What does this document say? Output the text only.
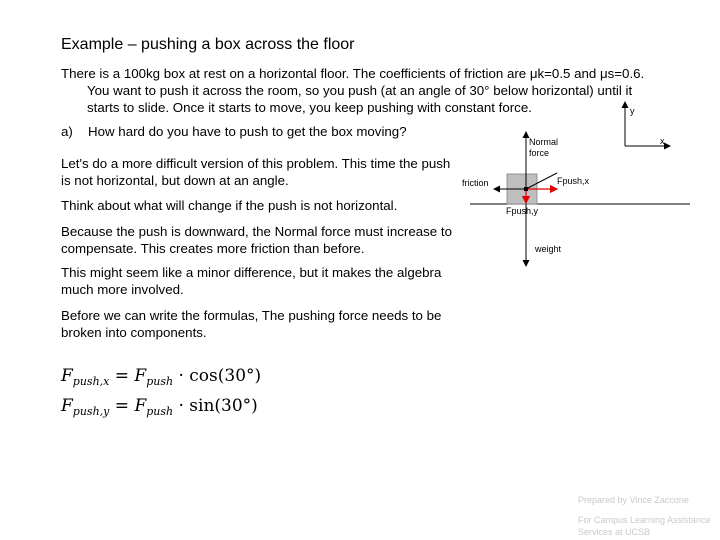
Example – pushing a box across the floor
There is a 100kg box at rest on a horizontal floor. The coefficients of friction are μk=0.5 and μs=0.6.
You want to push it across the room, so you push (at an angle of 30° below horizontal) until it
starts to slide. Once it starts to move, you keep pushing with constant force.
a) How hard do you have to push to get the box moving?
Let's do a more difficult version of this problem. This time the push is not horizontal, but down at an angle.
Think about what will change if the push is not horizontal.
Because the push is downward, the Normal force must increase to compensate. This creates more friction than before.
This might seem like a minor difference, but it makes the algebra much more involved.
Before we can write the formulas, The pushing force needs to be broken into components.
$F_{push,x} = F_{push} \cdot \cos(30^\circ)$
$F_{push,y} = F_{push} \cdot \sin(30^\circ)$
y
x
Normal
force
friction	Fpush,x
Fpush,y
weight
Prepared by Vince Zaccone
For Campus Learning Assistance Services at UCSB
